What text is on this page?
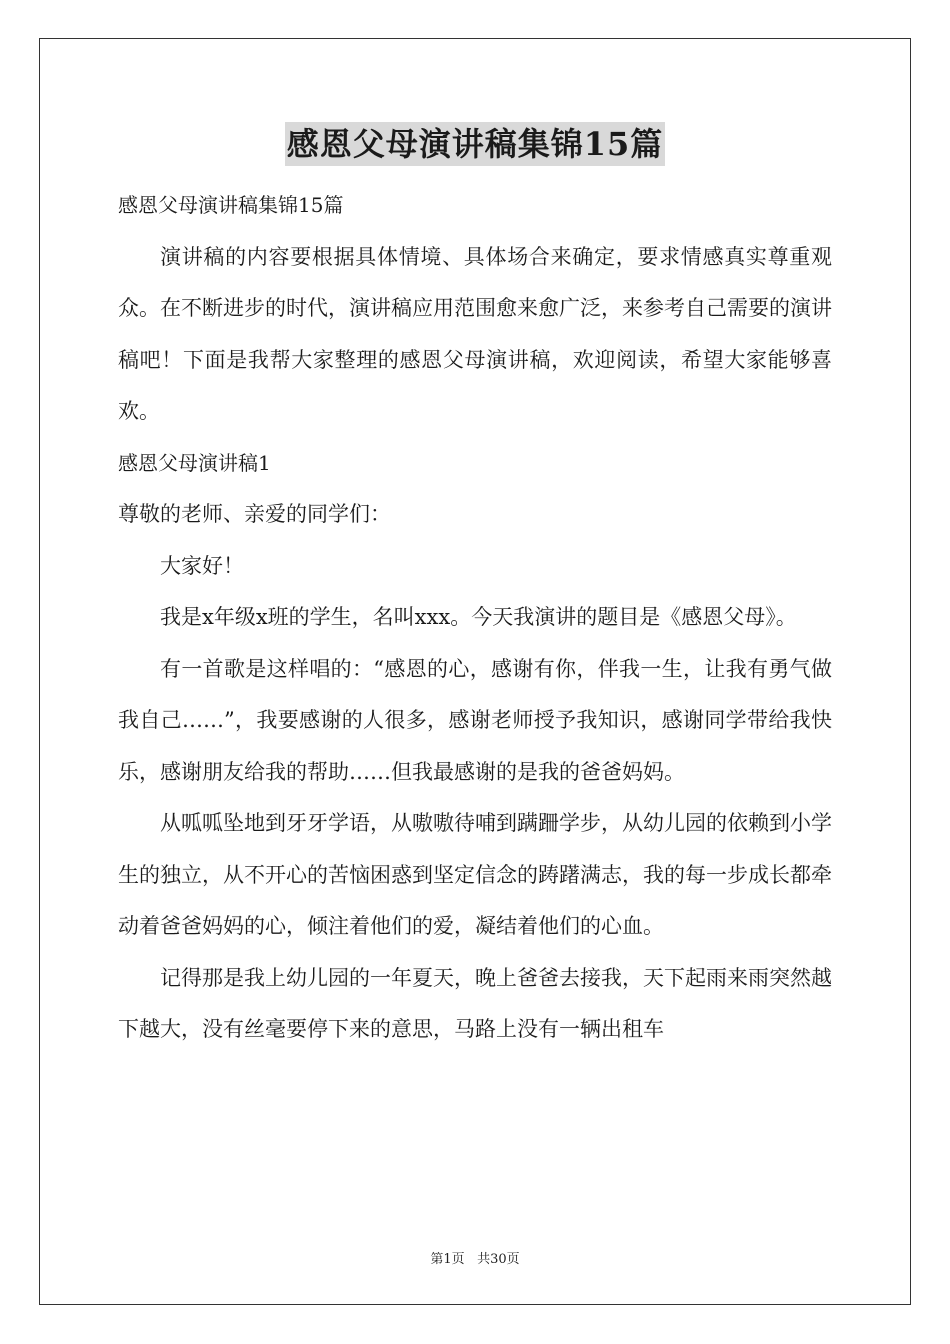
感恩父母演讲稿集锦15篇

感恩父母演讲稿集锦15篇

演讲稿的内容要根据具体情境、具体场合来确定，要求情感真实尊重观众。在不断进步的时代，演讲稿应用范围愈来愈广泛，来参考自己需要的演讲稿吧！下面是我帮大家整理的感恩父母演讲稿，欢迎阅读，希望大家能够喜欢。

感恩父母演讲稿1

尊敬的老师、亲爱的同学们：

大家好！

我是x年级x班的学生，名叫xxx。今天我演讲的题目是《感恩父母》。

有一首歌是这样唱的：“感恩的心，感谢有你，伴我一生，让我有勇气做我自己……”，我要感谢的人很多，感谢老师授予我知识，感谢同学带给我快乐，感谢朋友给我的帮助……但我最感谢的是我的爸爸妈妈。

从呱呱坠地到牙牙学语，从嗷嗷待哺到蹒跚学步，从幼儿园的依赖到小学生的独立，从不开心的苦恼困惑到坚定信念的踌躇满志，我的每一步成长都牵动着爸爸妈妈的心，倾注着他们的爱，凝结着他们的心血。

记得那是我上幼儿园的一年夏天，晚上爸爸去接我，天下起雨来雨突然越下越大，没有丝毫要停下来的意思，马路上没有一辆出租车

第1页 共30页
